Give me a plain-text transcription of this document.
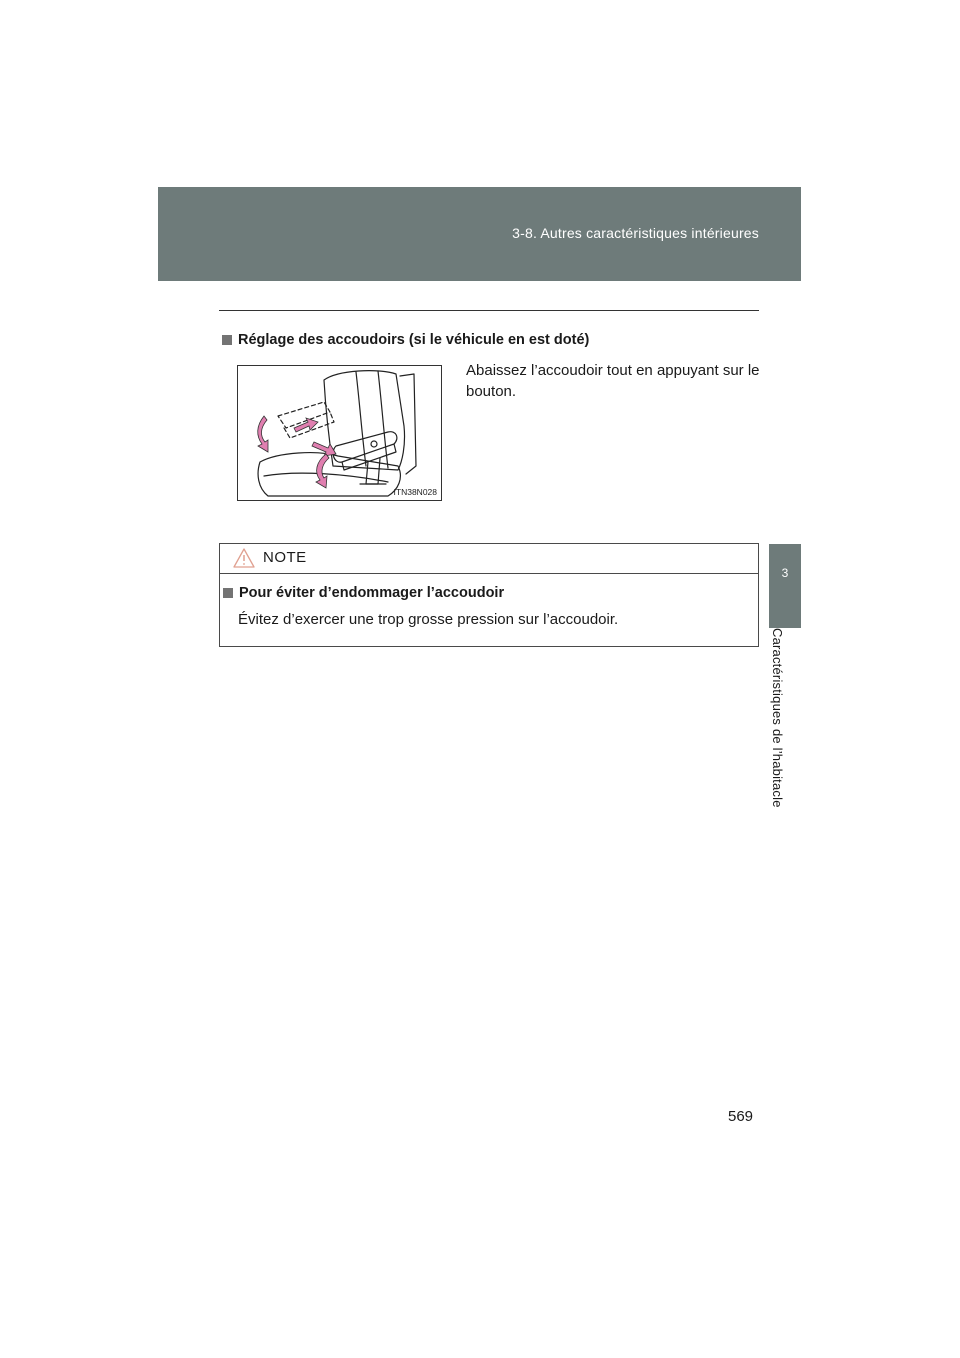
3-8. Autres caractéristiques intérieures
3
Caractéristiques de l’habitacle
Réglage des accoudoirs (si le véhicule en est doté)
Abaissez l’accoudoir tout en appuyant sur le bouton.
ITN38N028
NOTE
Pour éviter d’endommager l’accoudoir
Évitez d’exercer une trop grosse pression sur l’accoudoir.
569
